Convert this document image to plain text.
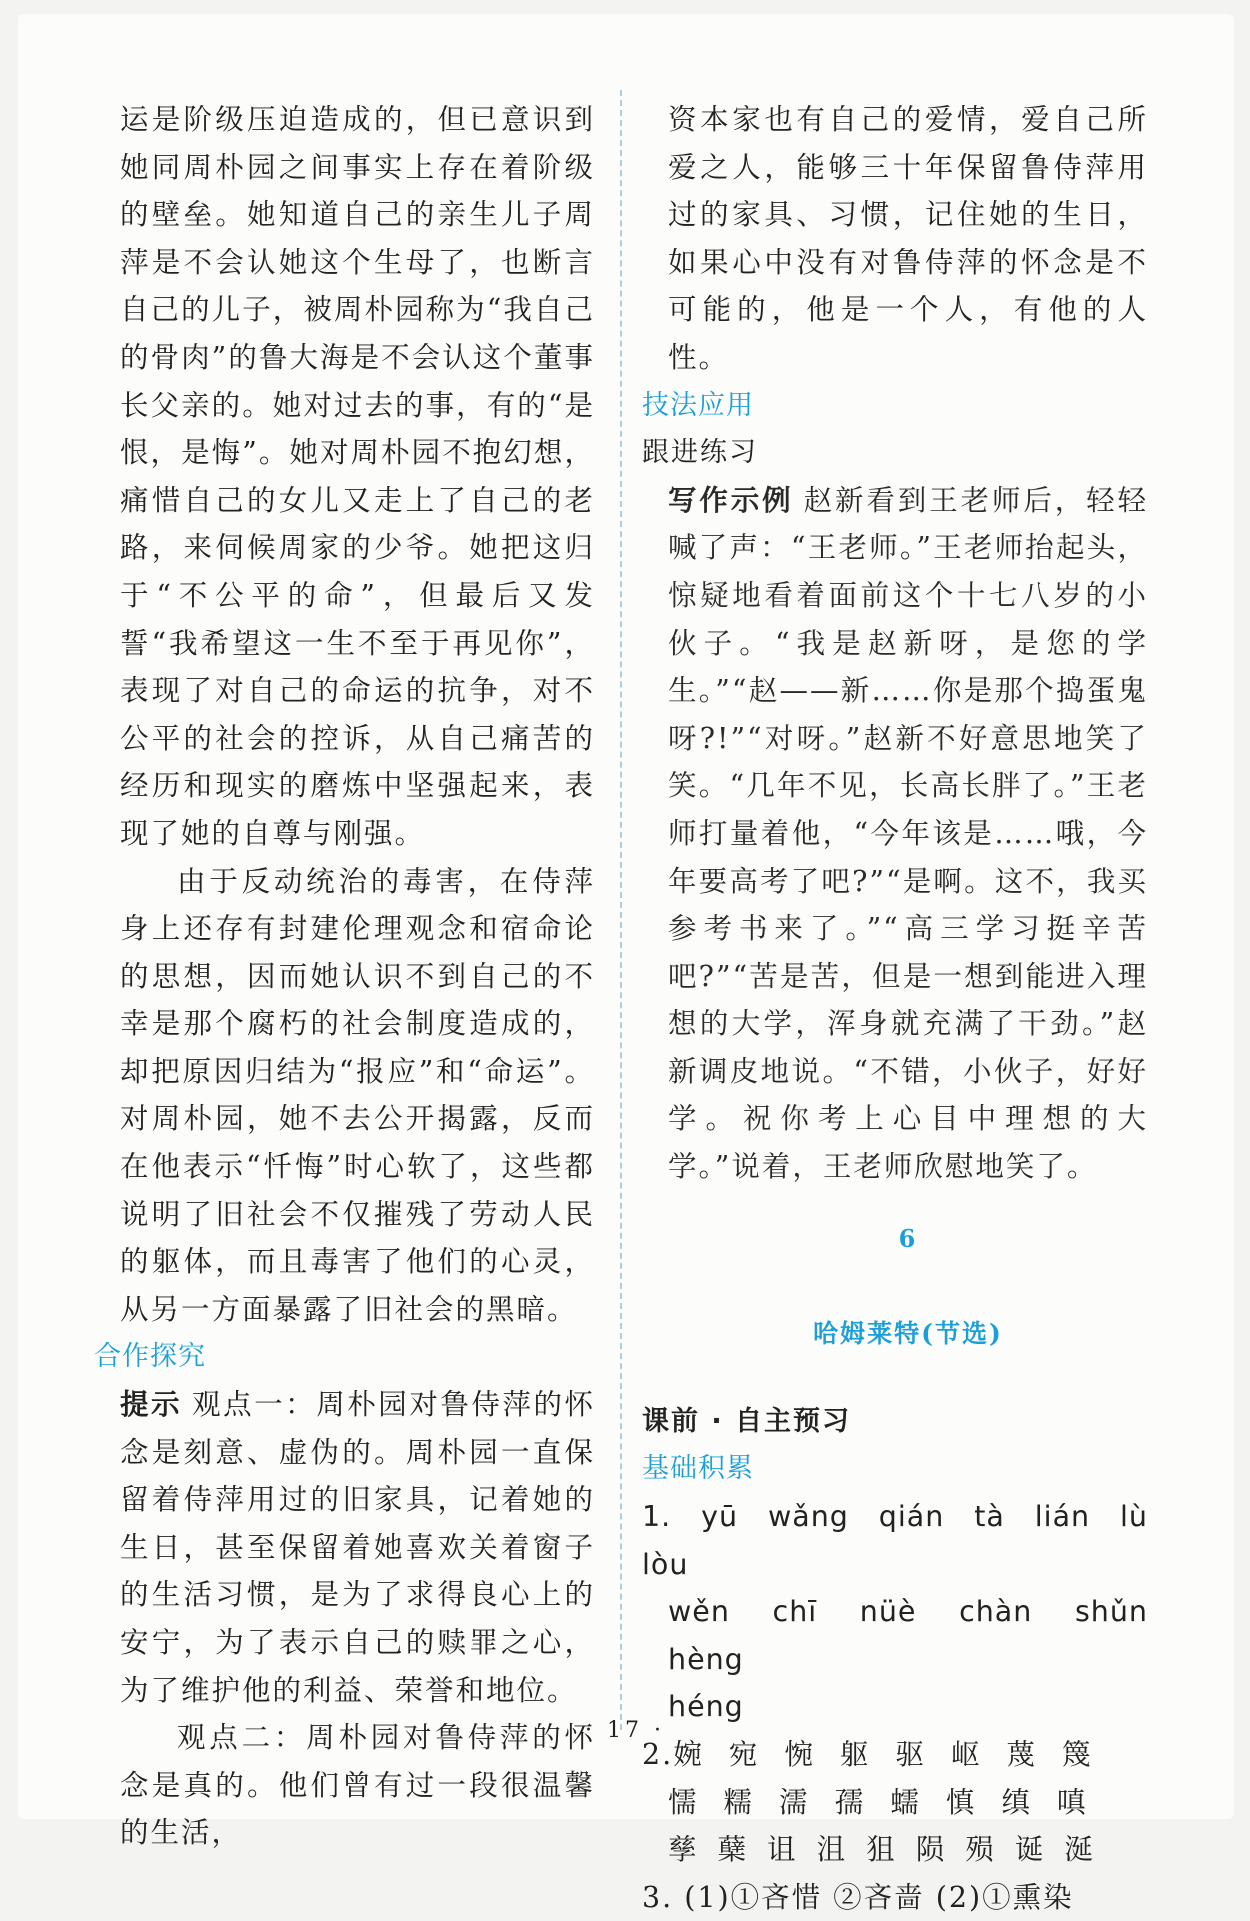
运是阶级压迫造成的，但已意识到她同周朴园之间事实上存在着阶级的壁垒。她知道自己的亲生儿子周萍是不会认她这个生母了，也断言自己的儿子，被周朴园称为“我自己的骨肉”的鲁大海是不会认这个董事长父亲的。她对过去的事，有的“是恨，是悔”。她对周朴园不抱幻想，痛惜自己的女儿又走上了自己的老路，来伺候周家的少爷。她把这归于“不公平的命”，但最后又发誓“我希望这一生不至于再见你”，表现了对自己的命运的抗争，对不公平的社会的控诉，从自己痛苦的经历和现实的磨炼中坚强起来，表现了她的自尊与刚强。

由于反动统治的毒害，在侍萍身上还存有封建伦理观念和宿命论的思想，因而她认识不到自己的不幸是那个腐朽的社会制度造成的，却把原因归结为“报应”和“命运”。对周朴园，她不去公开揭露，反而在他表示“忏悔”时心软了，这些都说明了旧社会不仅摧残了劳动人民的躯体，而且毒害了他们的心灵，从另一方面暴露了旧社会的黑暗。

合作探究

提示 观点一：周朴园对鲁侍萍的怀念是刻意、虚伪的。周朴园一直保留着侍萍用过的旧家具，记着她的生日，甚至保留着她喜欢关着窗子的生活习惯，是为了求得良心上的安宁，为了表示自己的赎罪之心，为了维护他的利益、荣誉和地位。

观点二：周朴园对鲁侍萍的怀念是真的。他们曾有过一段很温馨的生活，

资本家也有自己的爱情，爱自己所爱之人，能够三十年保留鲁侍萍用过的家具、习惯，记住她的生日，如果心中没有对鲁侍萍的怀念是不可能的，他是一个人，有他的人性。

技法应用
跟进练习

写作示例 赵新看到王老师后，轻轻喊了声：“王老师。”王老师抬起头，惊疑地看着面前这个十七八岁的小伙子。“我是赵新呀，是您的学生。”“赵——新……你是那个捣蛋鬼呀?!”“对呀。”赵新不好意思地笑了笑。“几年不见，长高长胖了。”王老师打量着他，“今年该是……哦，今年要高考了吧?”“是啊。这不，我买参考书来了。”“高三学习挺辛苦吧?”“苦是苦，但是一想到能进入理想的大学，浑身就充满了干劲。”赵新调皮地说。“不错，小伙子，好好学。祝你考上心目中理想的大学。”说着，王老师欣慰地笑了。

6
哈姆莱特(节选)
课前 · 自主预习
基础积累
1. yū wǎng qián tà lián lù lòu
wěn chī nüè chàn shǔn hèng
héng
2.婉 宛 惋 躯 驱 岖 蔑 篾
懦 糯 濡 孺 蠕 慎 缜 嗔
孳 蘖 诅 沮 狙 陨 殒 诞 涎
3. (1)①吝惜 ②吝啬 (2)①熏染
· 17 ·
